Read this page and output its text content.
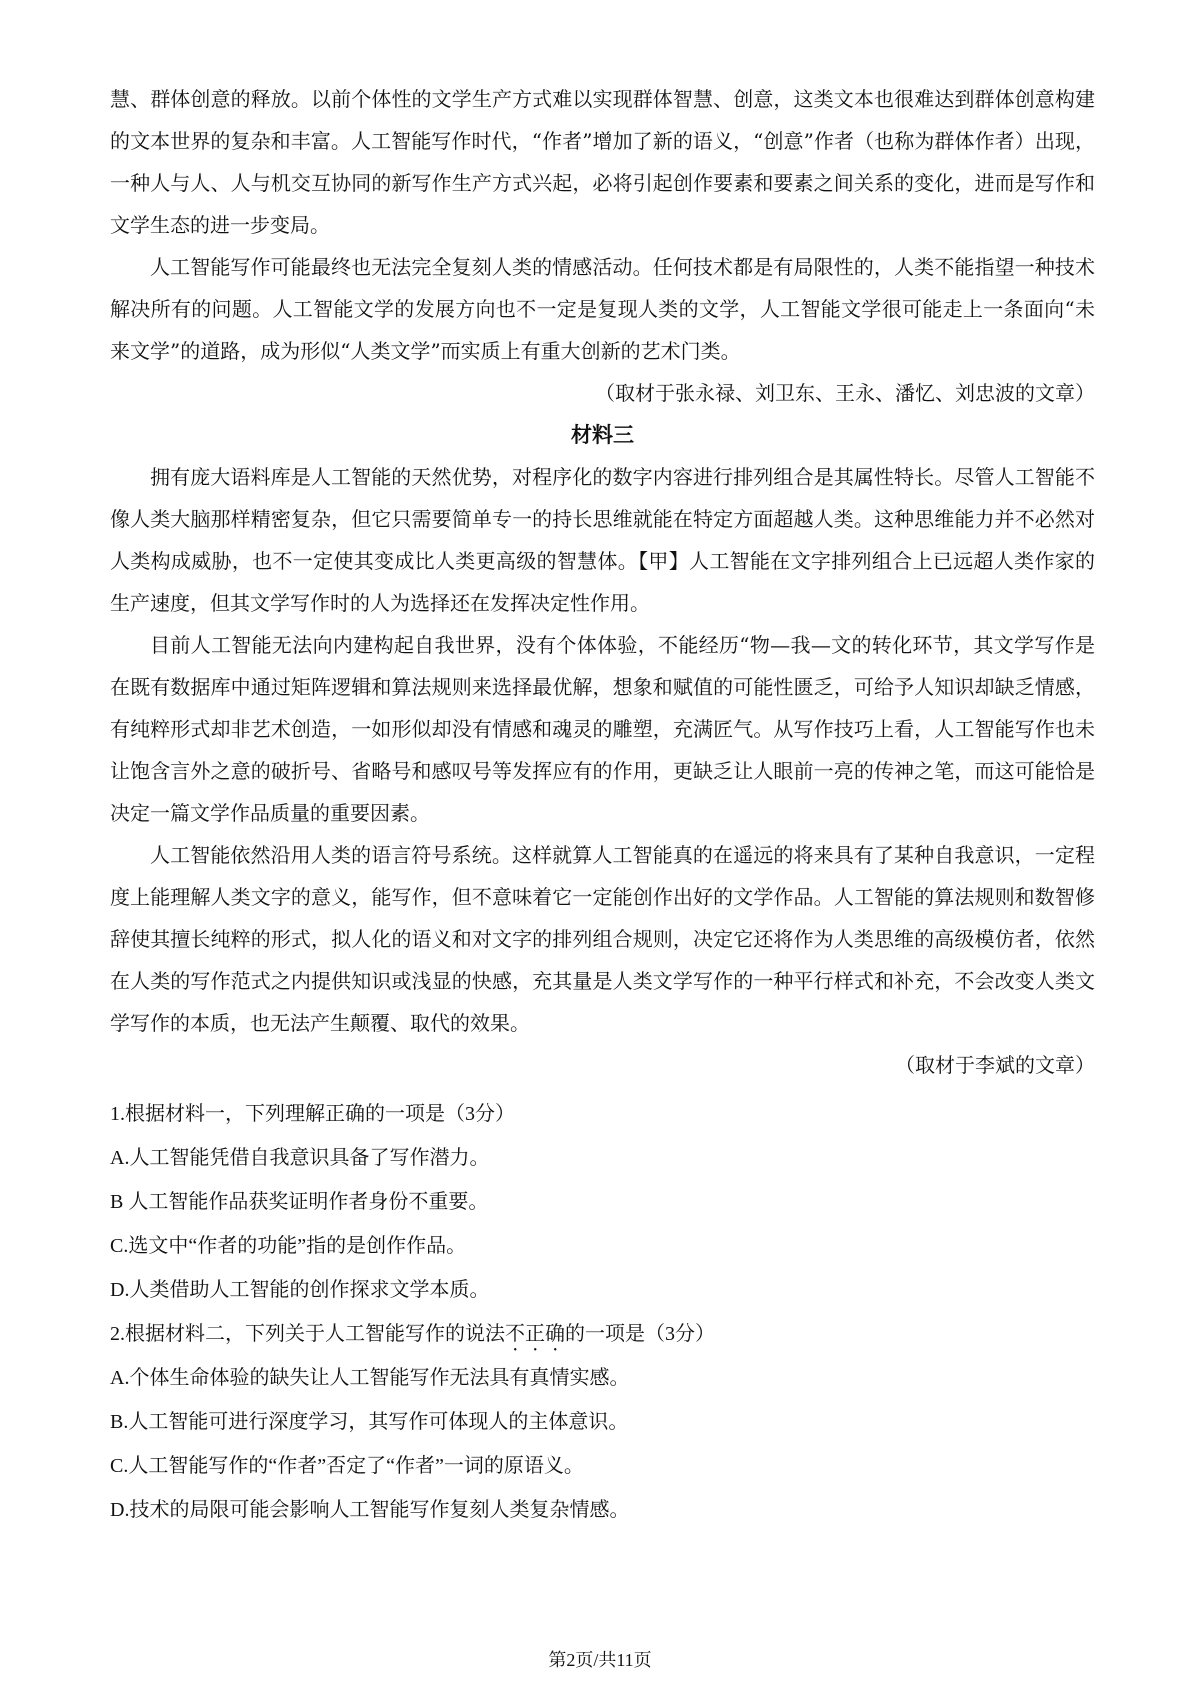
慧、群体创意的释放。以前个体性的文学生产方式难以实现群体智慧、创意，这类文本也很难达到群体创意构建的文本世界的复杂和丰富。人工智能写作时代，“作者”增加了新的语义，“创意”作者（也称为群体作者）出现，一种人与人、人与机交互协同的新写作生产方式兴起，必将引起创作要素和要素之间关系的变化，进而是写作和文学生态的进一步变局。

人工智能写作可能最终也无法完全复刻人类的情感活动。任何技术都是有局限性的，人类不能指望一种技术解决所有的问题。人工智能文学的发展方向也不一定是复现人类的文学，人工智能文学很可能走上一条面向“未来文学”的道路，成为形似“人类文学”而实质上有重大创新的艺术门类。

（取材于张永禄、刘卫东、王永、潘忆、刘忠波的文章）

材料三

拥有庞大语料库是人工智能的天然优势，对程序化的数字内容进行排列组合是其属性特长。尽管人工智能不像人类大脑那样精密复杂，但它只需要简单专一的持长思维就能在特定方面超越人类。这种思维能力并不必然对人类构成威胁，也不一定使其变成比人类更高级的智慧体。【甲】人工智能在文字排列组合上已远超人类作家的生产速度，但其文学写作时的人为选择还在发挥决定性作用。

目前人工智能无法向内建构起自我世界，没有个体体验，不能经历“物—我—文的转化环节，其文学写作是在既有数据库中通过矩阵逻辑和算法规则来选择最优解，想象和赋值的可能性匮乏，可给予人知识却缺乏情感，有纯粹形式却非艺术创造，一如形似却没有情感和魂灵的雕塑，充满匠气。从写作技巧上看，人工智能写作也未让饱含言外之意的破折号、省略号和感叹号等发挥应有的作用，更缺乏让人眼前一亮的传神之笔，而这可能恰是决定一篇文学作品质量的重要因素。

人工智能依然沿用人类的语言符号系统。这样就算人工智能真的在遥远的将来具有了某种自我意识，一定程度上能理解人类文字的意义，能写作，但不意味着它一定能创作出好的文学作品。人工智能的算法规则和数智修辞使其擅长纯粹的形式，拟人化的语义和对文字的排列组合规则，决定它还将作为人类思维的高级模仿者，依然在人类的写作范式之内提供知识或浅显的快感，充其量是人类文学写作的一种平行样式和补充，不会改变人类文学写作的本质，也无法产生颠覆、取代的效果。

（取材于李斌的文章）

1.根据材料一，下列理解正确的一项是（3分）

A.人工智能凭借自我意识具备了写作潜力。

B 人工智能作品获奖证明作者身份不重要。

C.选文中“作者的功能”指的是创作作品。

D.人类借助人工智能的创作探求文学本质。

2.根据材料二，下列关于人工智能写作的说法不正确的一项是（3分）

A.个体生命体验的缺失让人工智能写作无法具有真情实感。

B.人工智能可进行深度学习，其写作可体现人的主体意识。

C.人工智能写作的“作者”否定了“作者”一词的原语义。

D.技术的局限可能会影响人工智能写作复刻人类复杂情感。

第2页/共11页
